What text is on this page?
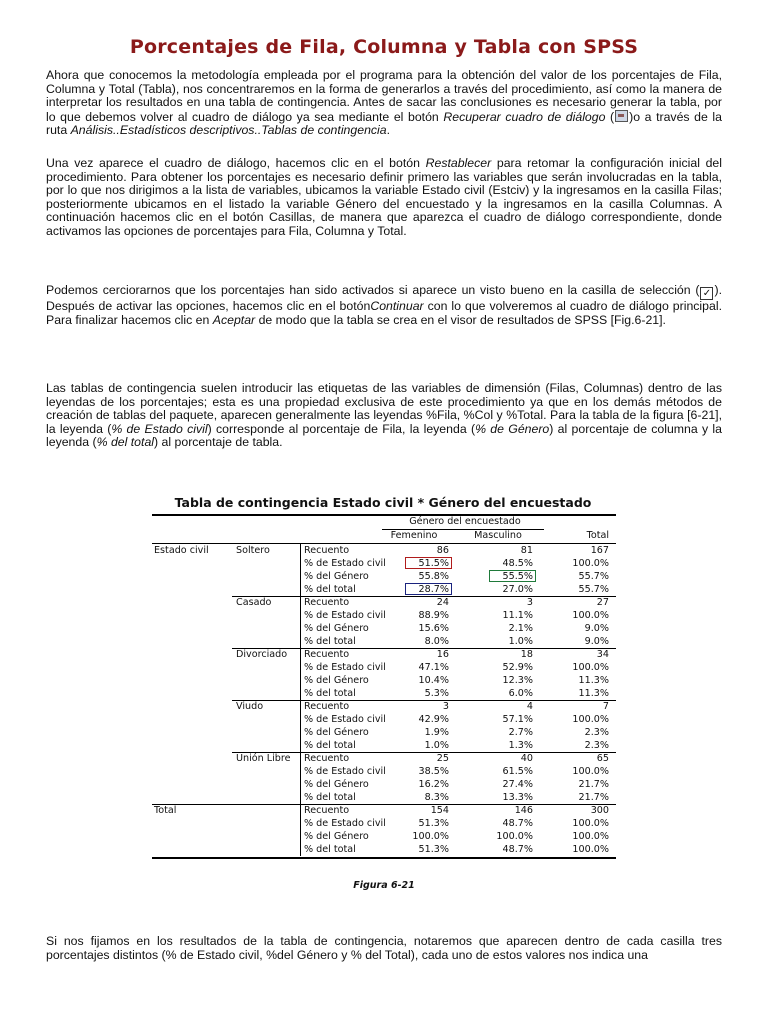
Porcentajes de Fila, Columna y Tabla con SPSS

Ahora que conocemos la metodología empleada por el programa para la obtención del valor de los porcentajes de Fila, Columna y Total (Tabla), nos concentraremos en la forma de generarlos a través del procedimiento, así como la manera de interpretar los resultados en una tabla de contingencia. Antes de sacar las conclusiones es necesario generar la tabla, por lo que debemos volver al cuadro de diálogo ya sea mediante el botón Recuperar cuadro de diálogo ( )o a través de la ruta Análisis..Estadísticos descriptivos..Tablas de contingencia.

Una vez aparece el cuadro de diálogo, hacemos clic en el botón Restablecer para retomar la configuración inicial del procedimiento. Para obtener los porcentajes es necesario definir primero las variables que serán involucradas en la tabla, por lo que nos dirigimos a la lista de variables, ubicamos la variable Estado civil (Estciv) y la ingresamos en la casilla Filas; posteriormente ubicamos en el listado la variable Género del encuestado y la ingresamos en la casilla Columnas. A continuación hacemos clic en el botón Casillas, de manera que aparezca el cuadro de diálogo correspondiente, donde activamos las opciones de porcentajes para Fila, Columna y Total.

Podemos cerciorarnos que los porcentajes han sido activados si aparece un visto bueno en la casilla de selección ( ✓ ). Después de activar las opciones, hacemos clic en el botónContinuar con lo que volveremos al cuadro de diálogo principal. Para finalizar hacemos clic en Aceptar de modo que la tabla se crea en el visor de resultados de SPSS [Fig.6-21].

Las tablas de contingencia suelen introducir las etiquetas de las variables de dimensión (Filas, Columnas) dentro de las leyendas de los porcentajes; esta es una propiedad exclusiva de este procedimiento ya que en los demás métodos de creación de tablas del paquete, aparecen generalmente las leyendas %Fila, %Col y %Total. Para la tabla de la figura [6-21], la leyenda (% de Estado civil) corresponde al porcentaje de Fila, la leyenda (% de Género) al porcentaje de columna y la leyenda (% del total) al porcentaje de tabla.

Tabla de contingencia Estado civil * Género del encuestado
Género del encuestado
Femenino	Masculino	Total
Estado civil	Soltero	Recuento	86	81	167
% de Estado civil	51.5%	48.5%	100.0%
% del Género	55.8%	55.5%	55.7%
% del total	28.7%	27.0%	55.7%
Casado	Recuento	24	3	27
% de Estado civil	88.9%	11.1%	100.0%
% del Género	15.6%	2.1%	9.0%
% del total	8.0%	1.0%	9.0%
Divorciado Recuento	16	18	34
% de Estado civil	47.1%	52.9%	100.0%
% del Género	10.4%	12.3%	11.3%
% del total	5.3%	6.0%	11.3%
Viudo	Recuento	3	4	7
% de Estado civil	42.9%	57.1%	100.0%
% del Género	1.9%	2.7%	2.3%
% del total	1.0%	1.3%	2.3%
Unión Libre Recuento	25	40	65
% de Estado civil	38.5%	61.5%	100.0%
% del Género	16.2%	27.4%	21.7%
% del total	8.3%	13.3%	21.7%
Total	Recuento	154	146	300
% de Estado civil	51.3%	48.7%	100.0%
% del Género	100.0%	100.0%	100.0%
% del total	51.3%	48.7%	100.0%
Figura 6-21

Si nos fijamos en los resultados de la tabla de contingencia, notaremos que aparecen dentro de cada casilla tres porcentajes distintos (% de Estado civil, %del Género y % del Total), cada uno de estos valores nos indica una
